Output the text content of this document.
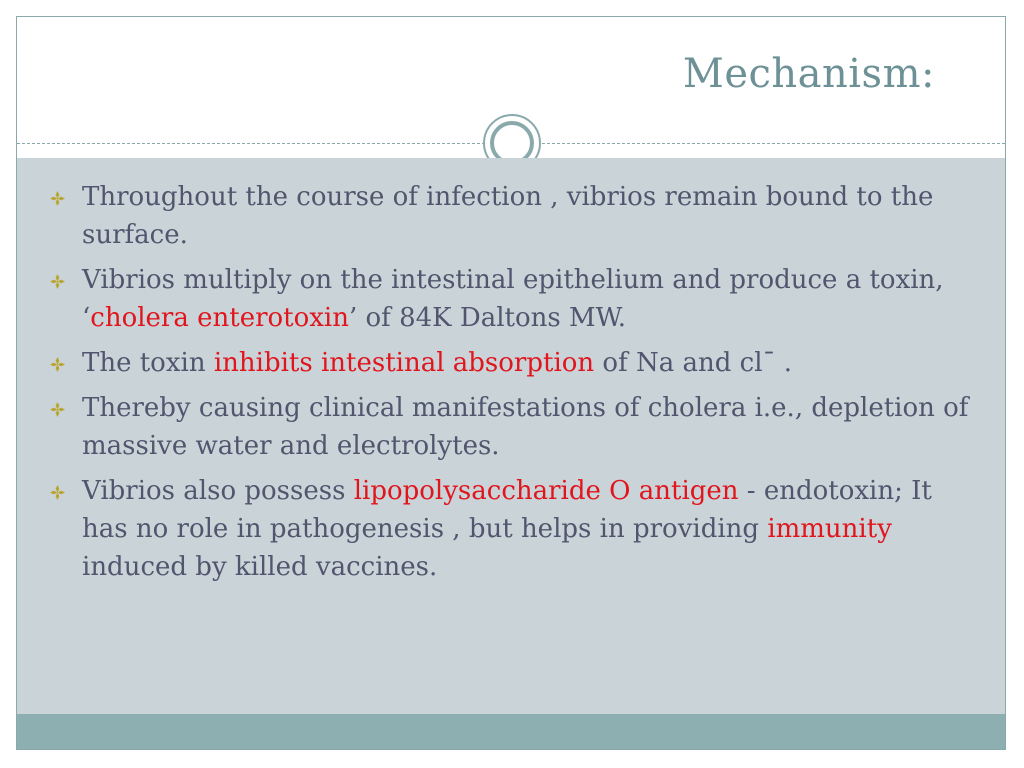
Mechanism:
Throughout the course of infection , vibrios remain bound to the surface.
Vibrios multiply on the intestinal epithelium and produce a toxin, ‘cholera enterotoxin’ of 84K Daltons MW.
The toxin inhibits intestinal absorption of Na and cl¯ .
Thereby causing clinical manifestations of cholera i.e., depletion of massive water and electrolytes.
Vibrios also possess lipopolysaccharide O antigen - endotoxin; It has no role in pathogenesis , but helps in providing immunity induced by killed vaccines.
